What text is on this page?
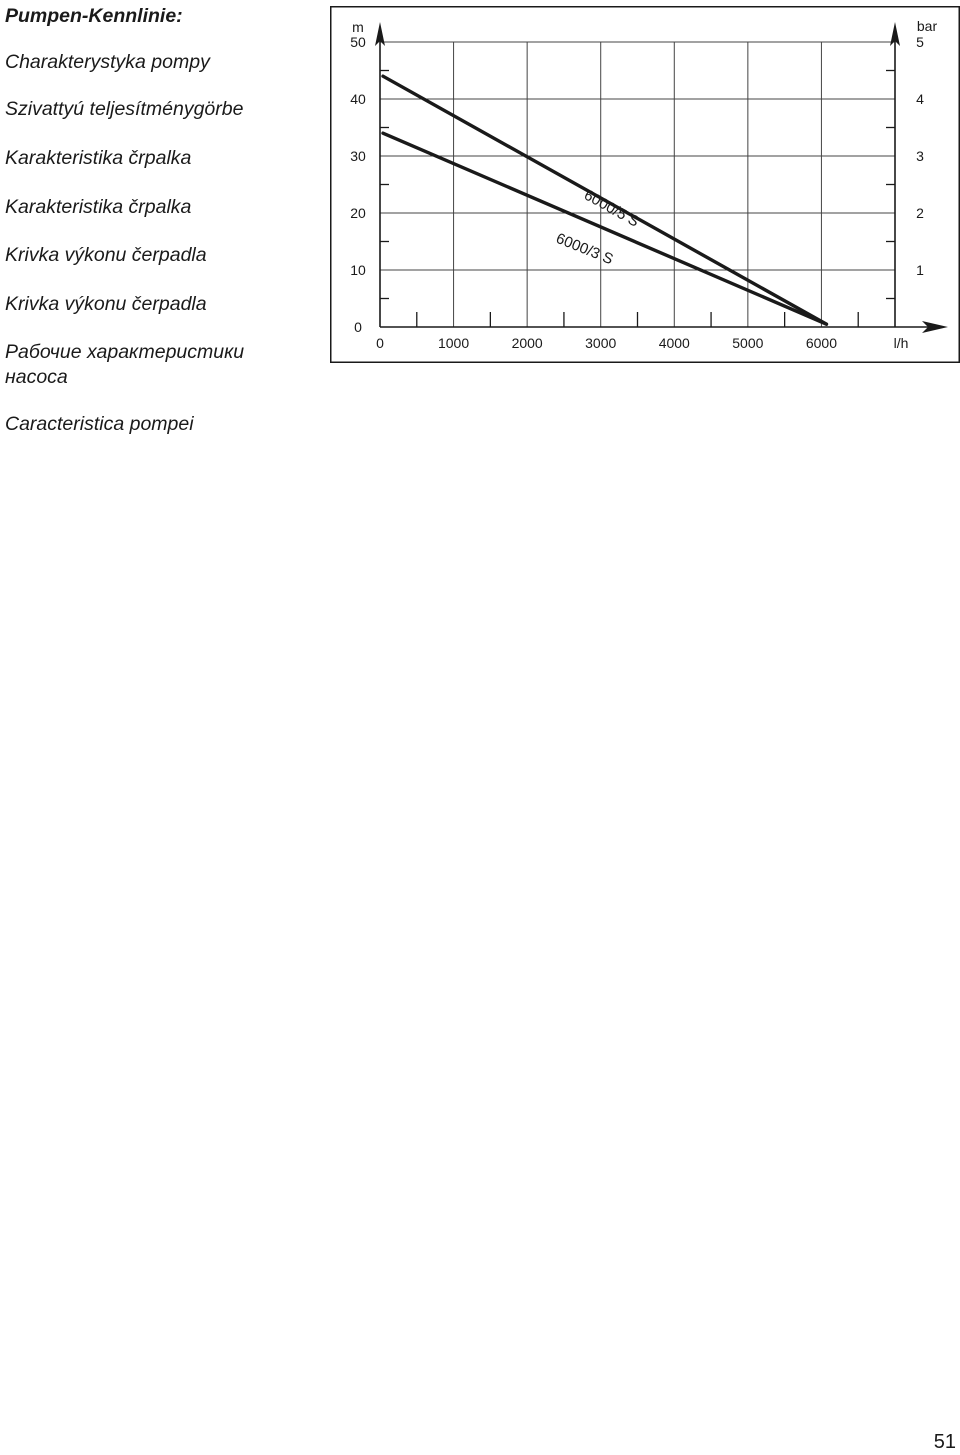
Pumpen-Kennlinie:
Charakterystyka pompy
Szivattyú teljesítménygörbe
Karakteristika črpalka
Karakteristika črpalka
Krivka výkonu čerpadla
Krivka výkonu čerpadla
Рабочие характеристики
насоса
Caracteristica pompei
0
10
20
30
40
50
1
2
3
4
5
0	1000	2000	3000	4000	5000	6000
m	bar
l/h
6000/5 S
6000/3 S

51
